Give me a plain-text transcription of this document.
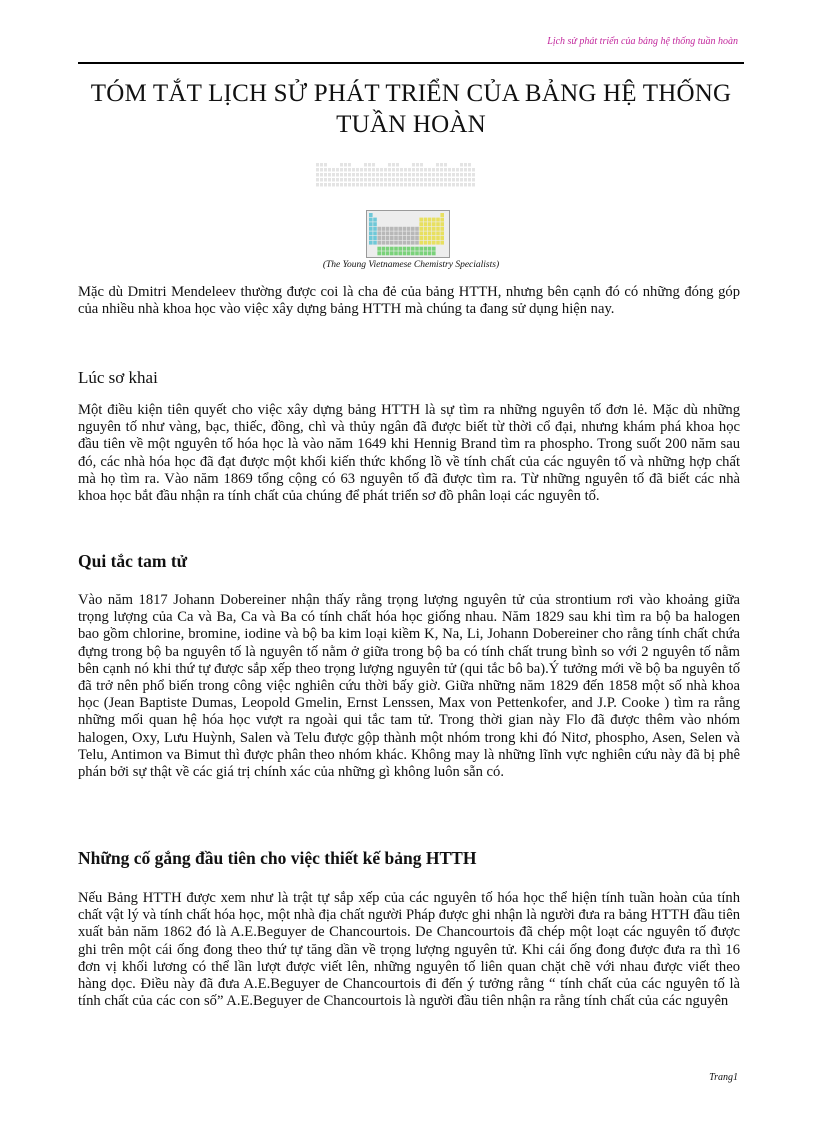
Lịch sử phát triển của bảng hệ thống tuần hoàn
TÓM TẮT LỊCH SỬ PHÁT TRIỂN CỦA BẢNG HỆ THỐNG TUẦN HOÀN
(The Young Vietnamese Chemistry Specialists)

Mặc dù Dmitri Mendeleev thường được coi là cha đẻ của bảng HTTH, nhưng bên cạnh đó có những đóng góp của nhiều nhà khoa học vào việc xây dựng bảng HTTH mà chúng ta đang sử dụng hiện nay.

Lúc sơ khai

Một điều kiện tiên quyết cho việc xây dựng bảng HTTH là sự tìm ra những nguyên tố đơn lẻ. Mặc dù những nguyên tố như vàng, bạc, thiếc, đồng, chì và thủy ngân đã được biết từ thời cổ đại, nhưng khám phá khoa học đầu tiên về một nguyên tố hóa học là vào năm 1649 khi Hennig Brand tìm ra phospho. Trong suốt 200 năm sau đó, các nhà hóa học đã đạt được một khối kiến thức khổng lồ về tính chất của các nguyên tố và những hợp chất mà họ tìm ra. Vào năm 1869 tổng cộng có 63 nguyên tố đã được tìm ra. Từ những nguyên tố đã biết các nhà khoa học bắt đầu nhận ra tính chất của chúng để phát triển sơ đồ phân loại các nguyên tố.

Qui tắc tam tử

Vào năm 1817 Johann Dobereiner nhận thấy rằng trọng lượng nguyên tử của strontium rơi vào khoảng giữa trọng lượng của Ca và Ba, Ca và Ba có tính chất hóa học giống nhau. Năm 1829 sau khi tìm ra bộ ba halogen bao gồm chlorine, bromine, iodine và bộ ba kim loại kiềm K, Na, Li, Johann Dobereiner cho rằng tính chất chứa đựng trong bộ ba nguyên tố là nguyên tố nằm ở giữa trong bộ ba có tính chất trung bình so với 2 nguyên tố nằm bên cạnh nó khi thứ tự được sắp xếp theo trọng lượng nguyên tử (qui tắc bô ba).Ý tưởng mới về bộ ba nguyên tố đã trở nên phổ biến trong công việc nghiên cứu thời bấy giờ. Giữa những năm 1829 đến 1858 một số nhà khoa học (Jean Baptiste Dumas, Leopold Gmelin, Ernst Lenssen, Max von Pettenkofer, and J.P. Cooke ) tìm ra rằng những mối quan hệ hóa học vượt ra ngoài qui tắc tam tử. Trong thời gian này Flo đã được thêm vào nhóm halogen, Oxy, Lưu Huỳnh, Salen và Telu được gộp thành một nhóm trong khi đó Nitơ, phospho, Asen, Selen và Telu, Antimon va Bimut thì được phân theo nhóm khác. Không may là những lĩnh vực nghiên cứu này đã bị phê phán bởi sự thật về các giá trị chính xác của những gì không luôn sẵn có.

Những cố gắng đầu tiên cho việc thiết kế bảng HTTH

Nếu Bảng HTTH được xem như là trật tự sắp xếp của các nguyên tố hóa học thể hiện tính tuần hoàn của tính chất vật lý và tính chất hóa học, một nhà địa chất người Pháp được ghi nhận là người đưa ra bảng HTTH đầu tiên xuất bản năm 1862 đó là A.E.Beguyer de Chancourtois. De Chancourtois đã chép một loạt các nguyên tố được ghi trên một cái ống đong theo thứ tự tăng dần về trọng lượng nguyên tử. Khi cái ống đong được đưa ra thì 16 đơn vị khối lương có thể lần lượt được viết lên, những nguyên tố liên quan chặt chẽ với nhau được viết theo hàng dọc. Điều này đã đưa A.E.Beguyer de Chancourtois đi đến ý tưởng rằng “ tính chất của các nguyên tố là tính chất của các con số” A.E.Beguyer de Chancourtois là người đầu tiên nhận ra rằng tính chất của các nguyên

Trang1
